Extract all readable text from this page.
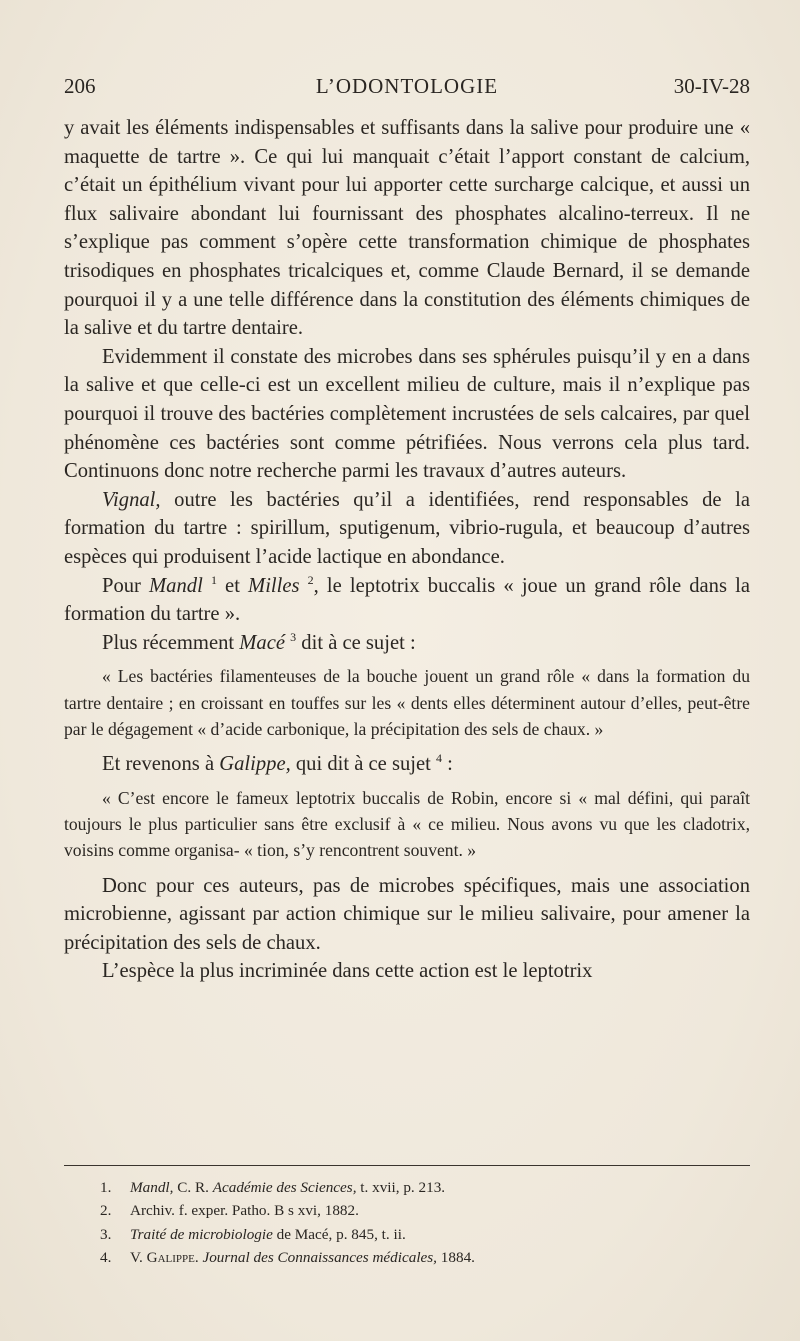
206	L’ODONTOLOGIE	30-IV-28

y avait les éléments indispensables et suffisants dans la salive pour produire une « maquette de tartre ». Ce qui lui manquait c’était l’apport constant de calcium, c’était un épithélium vivant pour lui apporter cette surcharge calcique, et aussi un flux salivaire abondant lui fournissant des phosphates alcalino-terreux. Il ne s’explique pas comment s’opère cette transformation chimique de phosphates trisodiques en phosphates tricalciques et, comme Claude Bernard, il se demande pourquoi il y a une telle différence dans la constitution des éléments chimiques de la salive et du tartre dentaire.

Evidemment il constate des microbes dans ses sphérules puisqu’il y en a dans la salive et que celle-ci est un excellent milieu de culture, mais il n’explique pas pourquoi il trouve des bactéries complètement incrustées de sels calcaires, par quel phénomène ces bactéries sont comme pétrifiées. Nous verrons cela plus tard. Continuons donc notre recherche parmi les travaux d’autres auteurs.

Vignal, outre les bactéries qu’il a identifiées, rend responsables de la formation du tartre : spirillum, sputigenum, vibrio-rugula, et beaucoup d’autres espèces qui produisent l’acide lactique en abondance.

Pour Mandl $^1$ et Milles $^2$, le leptotrix buccalis « joue un grand rôle dans la formation du tartre ».

Plus récemment Macé $^3$ dit à ce sujet :

« Les bactéries filamenteuses de la bouche jouent un grand rôle « dans la formation du tartre dentaire ; en croissant en touffes sur les « dents elles déterminent autour d’elles, peut-être par le dégagement « d’acide carbonique, la précipitation des sels de chaux. »

Et revenons à Galippe, qui dit à ce sujet $^4$ :

« C’est encore le fameux leptotrix buccalis de Robin, encore si « mal défini, qui paraît toujours le plus particulier sans être exclusif à « ce milieu. Nous avons vu que les cladotrix, voisins comme organisa- « tion, s’y rencontrent souvent. »

Donc pour ces auteurs, pas de microbes spécifiques, mais une association microbienne, agissant par action chimique sur le milieu salivaire, pour amener la précipitation des sels de chaux.

L’espèce la plus incriminée dans cette action est le leptotrix

1. Mandl, C. R. Académie des Sciences, t. xvii, p. 213.
2. Archiv. f. exper. Patho. B s xvi, 1882.
3. Traité de microbiologie de Macé, p. 845, t. ii.
4. V. Galippe. Journal des Connaissances médicales, 1884.
